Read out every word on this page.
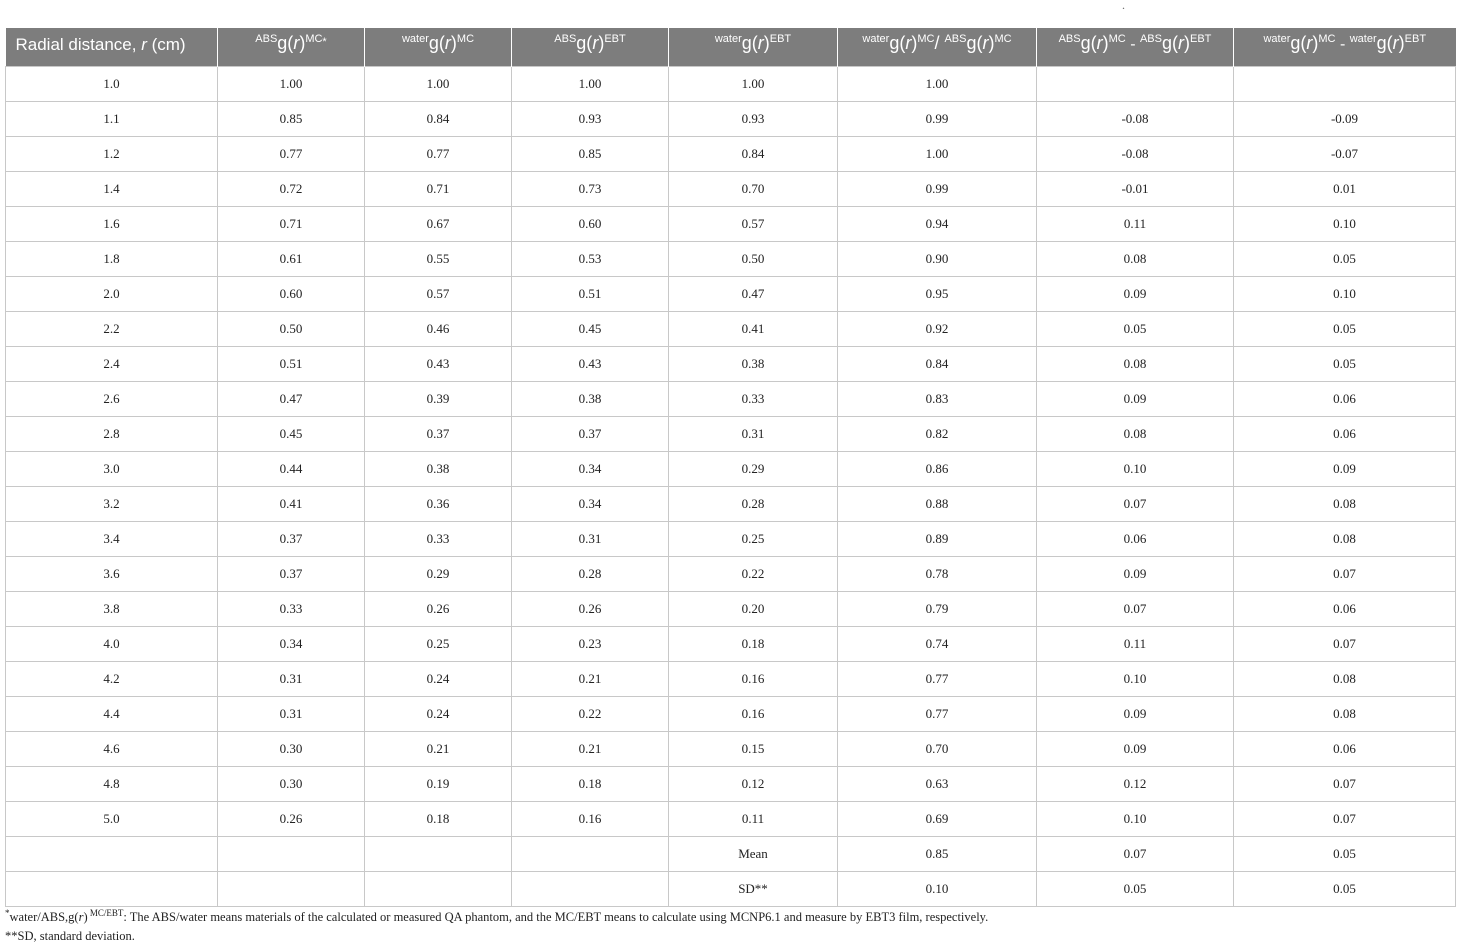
.
Radial distance, r (cm)	$^{ABS}g(r)^{MC*}$	$^{water}g(r)^{MC}$	$^{ABS}g(r)^{EBT}$	$^{water}g(r)^{EBT}$	$^{water}g(r)^{MC}/$ $^{ABS}g(r)^{MC}$	$^{ABS}g(r)^{MC} - ^{ABS}g(r)^{EBT}$	$^{water}g(r)^{MC} - ^{water}g(r)^{EBT}$
1.0	1.00	1.00	1.00	1.00	1.00		
1.1	0.85	0.84	0.93	0.93	0.99	-0.08	-0.09
1.2	0.77	0.77	0.85	0.84	1.00	-0.08	-0.07
1.4	0.72	0.71	0.73	0.70	0.99	-0.01	0.01
1.6	0.71	0.67	0.60	0.57	0.94	0.11	0.10
1.8	0.61	0.55	0.53	0.50	0.90	0.08	0.05
2.0	0.60	0.57	0.51	0.47	0.95	0.09	0.10
2.2	0.50	0.46	0.45	0.41	0.92	0.05	0.05
2.4	0.51	0.43	0.43	0.38	0.84	0.08	0.05
2.6	0.47	0.39	0.38	0.33	0.83	0.09	0.06
2.8	0.45	0.37	0.37	0.31	0.82	0.08	0.06
3.0	0.44	0.38	0.34	0.29	0.86	0.10	0.09
3.2	0.41	0.36	0.34	0.28	0.88	0.07	0.08
3.4	0.37	0.33	0.31	0.25	0.89	0.06	0.08
3.6	0.37	0.29	0.28	0.22	0.78	0.09	0.07
3.8	0.33	0.26	0.26	0.20	0.79	0.07	0.06
4.0	0.34	0.25	0.23	0.18	0.74	0.11	0.07
4.2	0.31	0.24	0.21	0.16	0.77	0.10	0.08
4.4	0.31	0.24	0.22	0.16	0.77	0.09	0.08
4.6	0.30	0.21	0.21	0.15	0.70	0.09	0.06
4.8	0.30	0.19	0.18	0.12	0.63	0.12	0.07
5.0	0.26	0.18	0.16	0.11	0.69	0.10	0.07
				Mean	0.85	0.07	0.05
				SD**	0.10	0.05	0.05
*water/ABS,g(r) $^{MC/EBT}$: The ABS/water means materials of the calculated or measured QA phantom, and the MC/EBT means to calculate using MCNP6.1 and measure by EBT3 film, respectively.
**SD, standard deviation.
